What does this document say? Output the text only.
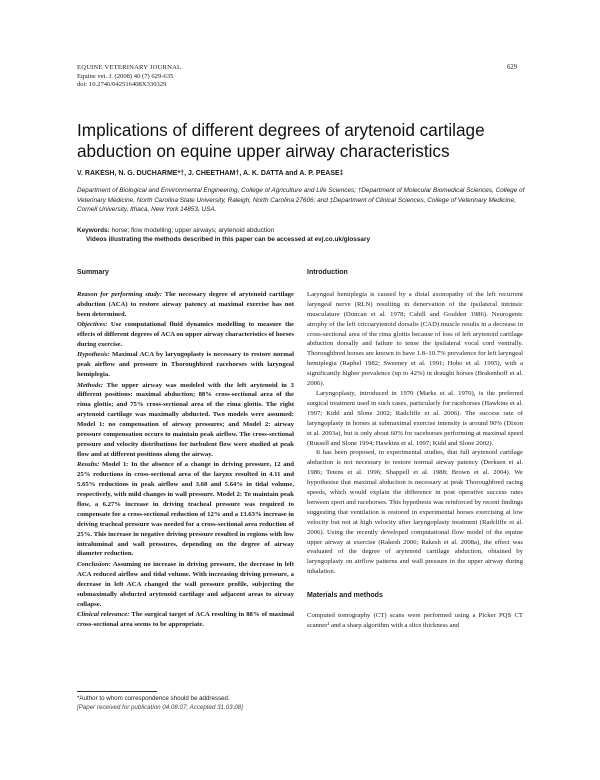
EQUINE VETERINARY JOURNAL
Equine vet. J. (2008) 40 (7) 629-635
doi: 10.2746/042516408X330329
629
Implications of different degrees of arytenoid cartilage abduction on equine upper airway characteristics
V. RAKESH, N. G. DUCHARME*†, J. CHEETHAM†, A. K. DATTA and A. P. PEASE‡
Department of Biological and Environmental Engineering, College of Agriculture and Life Sciences; †Department of Molecular Biomedical Sciences, College of Veterinary Medicine, North Carolina State University, Raleigh, North Carolina 27606; and ‡Department of Clinical Sciences, College of Veterinary Medicine, Cornell University, Ithaca, New York 14853, USA.
Keywords: horse; flow modelling; upper airways; arytenoid abduction
Videos illustrating the methods described in this paper can be accessed at evj.co.uk/glossary
Summary

Reason for performing study: The necessary degree of arytenoid cartilage abduction (ACA) to restore airway patency at maximal exercise has not been determined.

Objectives: Use computational fluid dynamics modelling to measure the effects of different degrees of ACA on upper airway characteristics of horses during exercise.

Hypothesis: Maximal ACA by laryngoplasty is necessary to restore normal peak airflow and pressure in Thoroughbred racehorses with laryngeal hemiplegia.

Methods: The upper airway was modeled with the left arytenoid in 3 different positions: maximal abduction; 88% cross-sectional area of the rima glottis; and 75% cross-sectional area of the rima glottis. The right arytenoid cartilage was maximally abducted. Two models were assumed: Model 1: no compensation of airway pressures; and Model 2: airway pressure compensation occurs to maintain peak airflow. The cross-sectional pressure and velocity distributions for turbulent flow were studied at peak flow and at different positions along the airway.

Results: Model 1: In the absence of a change in driving pressure, 12 and 25% reductions in cross-sectional area of the larynx resulted in 4.11 and 5.65% reductions in peak airflow and 3.68 and 5.64% in tidal volume, respectively, with mild changes in wall pressure. Model 2: To maintain peak flow, a 6.27% increase in driving tracheal pressure was required to compensate for a cross-sectional reduction of 12% and a 13.63% increase in driving tracheal pressure was needed for a cross-sectional area reduction of 25%. This increase in negative driving pressure resulted in regions with low intraluminal and wall pressures, depending on the degree of airway diameter reduction.

Conclusion: Assuming no increase in driving pressure, the decrease in left ACA reduced airflow and tidal volume. With increasing driving pressure, a decrease in left ACA changed the wall pressure profile, subjecting the submaximally abducted arytenoid cartilage and adjacent areas to airway collapse.

Clinical relevance: The surgical target of ACA resulting in 88% of maximal cross-sectional area seems to be appropriate.

Introduction

Laryngeal hemiplegia is caused by a distal axonopathy of the left recurrent laryngeal nerve (RLN) resulting in denervation of the ipsilateral intrinsic musculature (Duncan et al. 1978; Cahill and Goulden 1986). Neurogenic atrophy of the left cricoarytenoid dorsalis (CAD) muscle results in a decrease in cross-sectional area of the rima glottis because of loss of left arytenoid cartilage abduction dorsally and failure to tense the ipsilateral vocal cord ventrally. Thoroughbred horses are known to have 1.8–10.7% prevalence for left laryngeal hemiplegia (Raphel 1982; Sweeney et al. 1991; Hobo et al. 1995), with a significantly higher prevalence (up to 42%) in draught horses (Brakenhoff et al. 2006).

Laryngoplasty, introduced in 1970 (Marks et al. 1970), is the preferred surgical treatment used in such cases, particularly for racehorses (Hawkins et al. 1997; Kidd and Slone 2002; Radcliffe et al. 2006). The success rate of laryngoplasty in horses at submaximal exercise intensity is around 90% (Dixon et al. 2003a), but is only about 60% for racehorses performing at maximal speed (Russell and Slone 1994; Hawkins et al. 1997; Kidd and Slone 2002).

It has been proposed, in experimental studies, that full arytenoid cartilage abduction is not necessary to restore normal airway patency (Derksen et al. 1986; Tetens et al. 1996; Shappell et al. 1988; Brown et al. 2004). We hypothesise that maximal abduction is necessary at peak Thoroughbred racing speeds, which would explain the difference in post operative success rates between sport and racehorses. This hypothesis was reinforced by recent findings suggesting that ventilation is restored in experimental horses exercising at low velocity but not at high velocity after laryngoplasty treatment (Radcliffe et al. 2006). Using the recently developed computational flow model of the equine upper airway at exercise (Rakesh 2006; Rakesh et al. 2008a), the effect was evaluated of the degree of arytenoid cartilage abduction, obtained by laryngoplasty on airflow patterns and wall pressure in the upper airway during inhalation.

Materials and methods

Computed tomography (CT) scans were performed using a Picker PQS CT scanner¹ and a sharp algorithm with a slice thickness and

*Author to whom correspondence should be addressed.
[Paper received for publication 04.08.07; Accepted 31.03.08]
